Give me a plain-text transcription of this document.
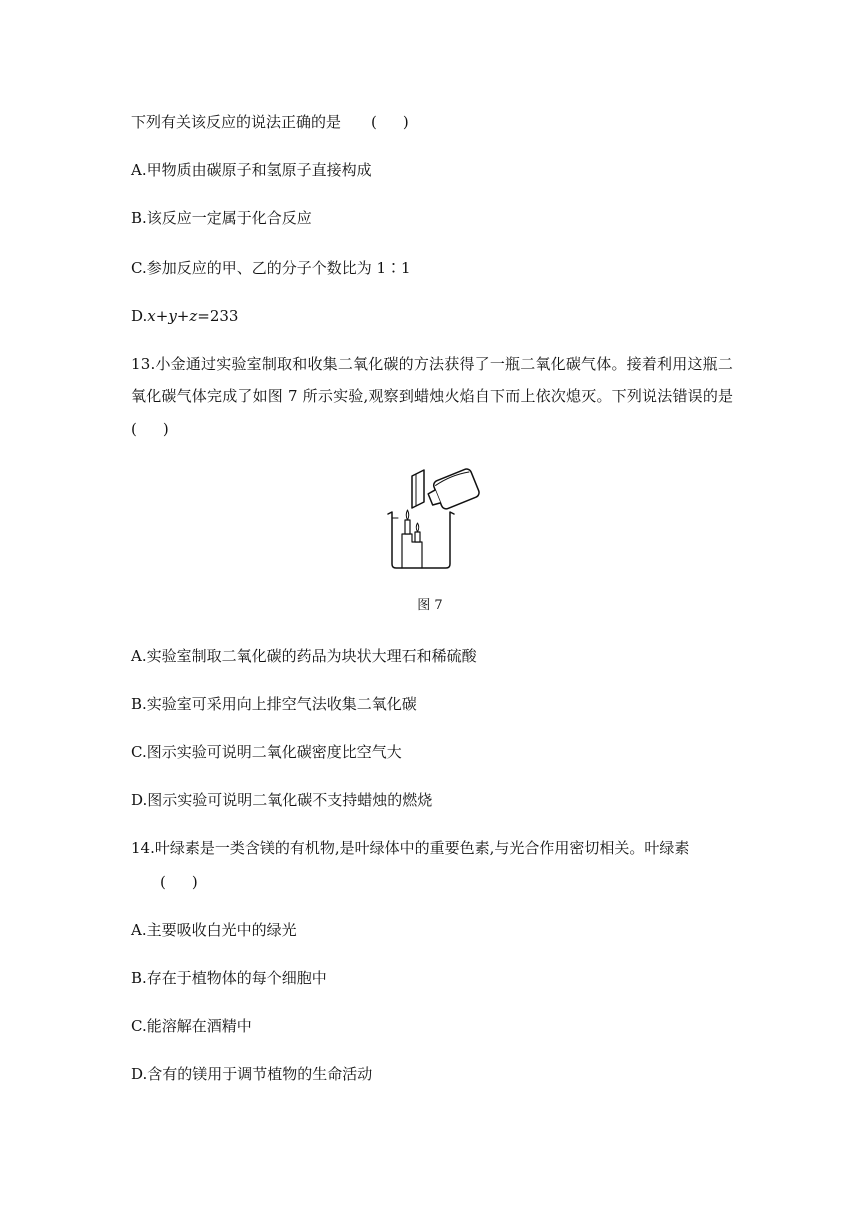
下列有关该反应的说法正确的是 ( )

A.甲物质由碳原子和氢原子直接构成

B.该反应一定属于化合反应

C.参加反应的甲、乙的分子个数比为 1∶1

D.x+y+z=233

13.小金通过实验室制取和收集二氧化碳的方法获得了一瓶二氧化碳气体。接着利用这瓶二

氧化碳气体完成了如图 7 所示实验,观察到蜡烛火焰自下而上依次熄灭。下列说法错误的是

( )

图 7

A.实验室制取二氧化碳的药品为块状大理石和稀硫酸

B.实验室可采用向上排空气法收集二氧化碳

C.图示实验可说明二氧化碳密度比空气大

D.图示实验可说明二氧化碳不支持蜡烛的燃烧

14.叶绿素是一类含镁的有机物,是叶绿体中的重要色素,与光合作用密切相关。叶绿素

( )

A.主要吸收白光中的绿光

B.存在于植物体的每个细胞中

C.能溶解在酒精中

D.含有的镁用于调节植物的生命活动
